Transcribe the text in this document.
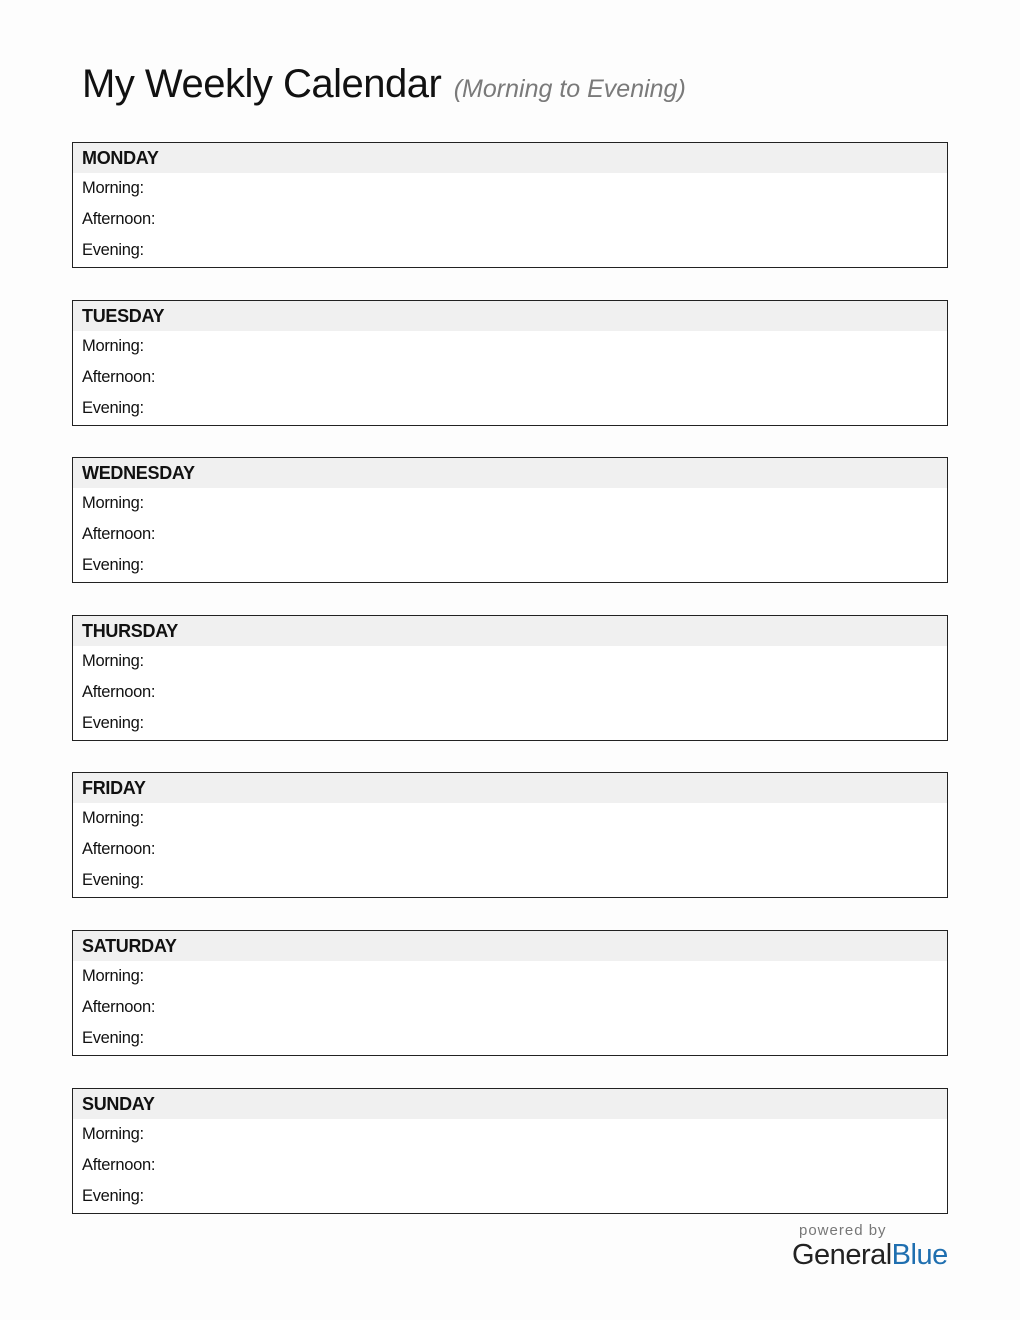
My Weekly Calendar (Morning to Evening)
MONDAY
Morning:
Afternoon:
Evening:
TUESDAY
Morning:
Afternoon:
Evening:
WEDNESDAY
Morning:
Afternoon:
Evening:
THURSDAY
Morning:
Afternoon:
Evening:
FRIDAY
Morning:
Afternoon:
Evening:
SATURDAY
Morning:
Afternoon:
Evening:
SUNDAY
Morning:
Afternoon:
Evening:
powered by
GeneralBlue
